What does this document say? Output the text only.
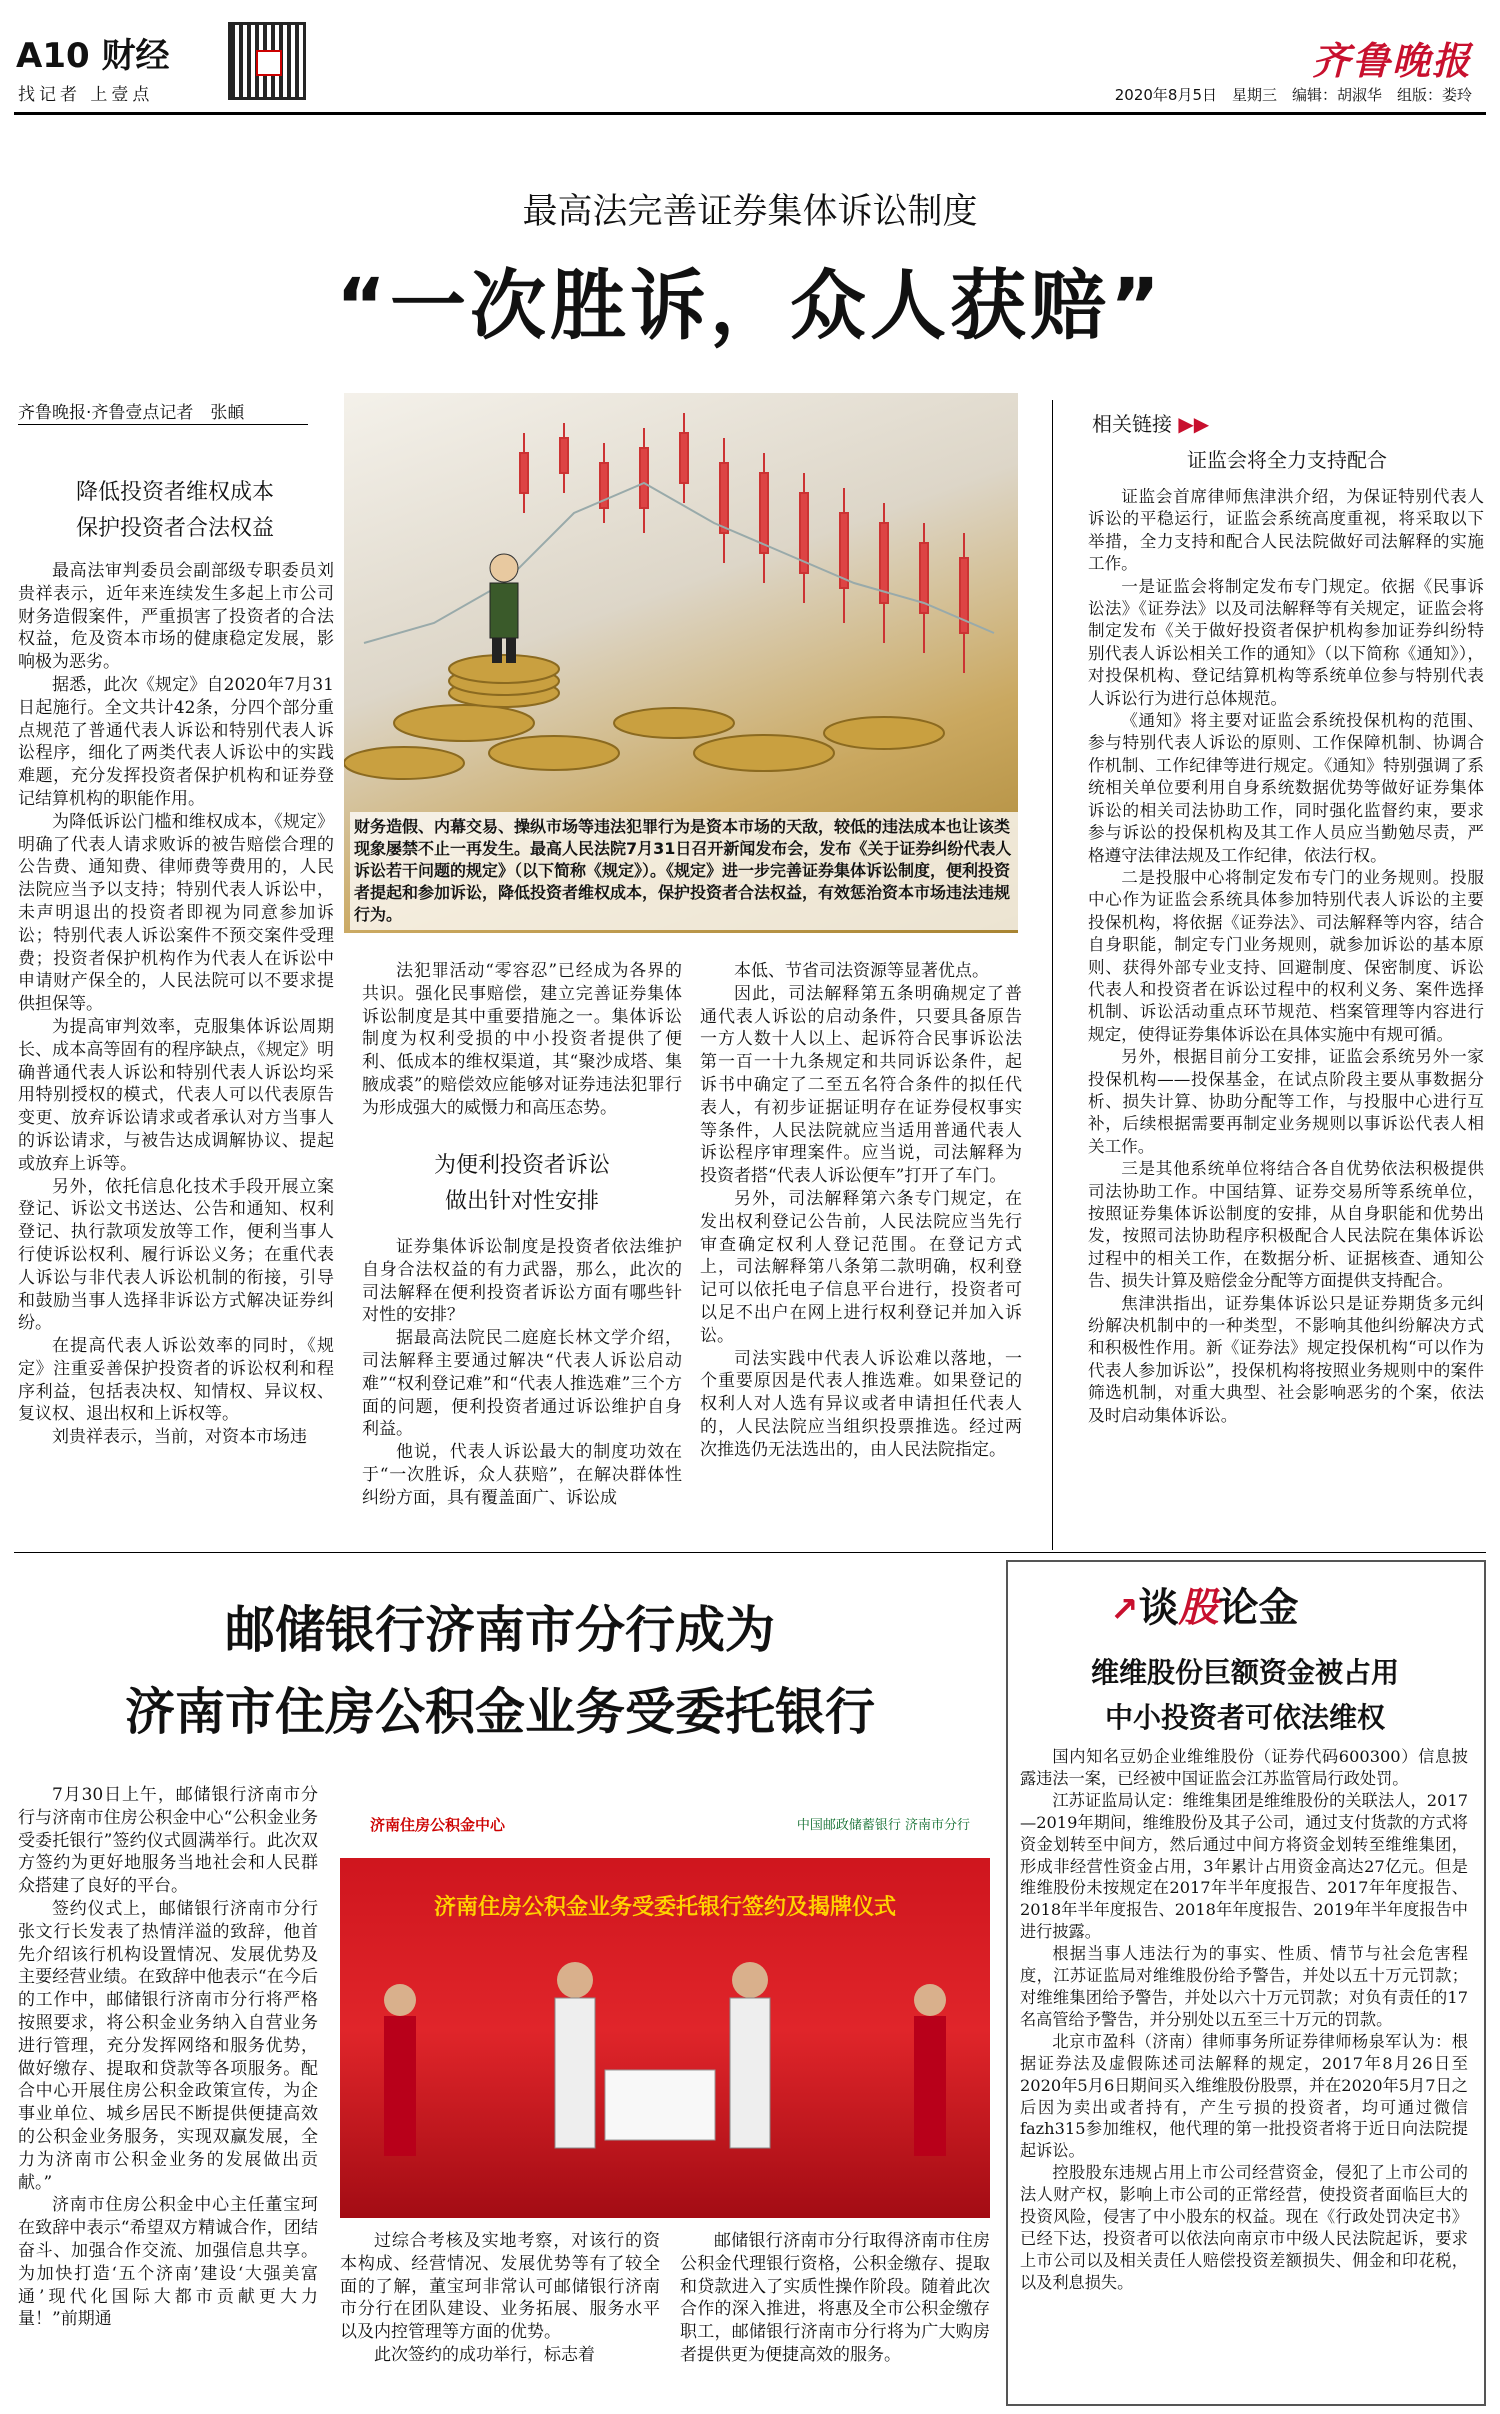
A10 财经
找记者 上壹点
齐鲁晚报
2020年8月5日　星期三　编辑：胡淑华　组版：娄玲
最高法完善证券集体诉讼制度
“一次胜诉，众人获赔”
齐鲁晚报·齐鲁壹点记者　张頔
降低投资者维权成本
保护投资者合法权益

最高法审判委员会副部级专职委员刘贵祥表示，近年来连续发生多起上市公司财务造假案件，严重损害了投资者的合法权益，危及资本市场的健康稳定发展，影响极为恶劣。

据悉，此次《规定》自2020年7月31日起施行。全文共计42条，分四个部分重点规范了普通代表人诉讼和特别代表人诉讼程序，细化了两类代表人诉讼中的实践难题，充分发挥投资者保护机构和证券登记结算机构的职能作用。

为降低诉讼门槛和维权成本，《规定》明确了代表人请求败诉的被告赔偿合理的公告费、通知费、律师费等费用的，人民法院应当予以支持；特别代表人诉讼中，未声明退出的投资者即视为同意参加诉讼；特别代表人诉讼案件不预交案件受理费；投资者保护机构作为代表人在诉讼中申请财产保全的，人民法院可以不要求提供担保等。

为提高审判效率，克服集体诉讼周期长、成本高等固有的程序缺点，《规定》明确普通代表人诉讼和特别代表人诉讼均采用特别授权的模式，代表人可以代表原告变更、放弃诉讼请求或者承认对方当事人的诉讼请求，与被告达成调解协议、提起或放弃上诉等。

另外，依托信息化技术手段开展立案登记、诉讼文书送达、公告和通知、权利登记、执行款项发放等工作，便利当事人行使诉讼权利、履行诉讼义务；在重代表人诉讼与非代表人诉讼机制的衔接，引导和鼓励当事人选择非诉讼方式解决证券纠纷。

在提高代表人诉讼效率的同时，《规定》注重妥善保护投资者的诉讼权利和程序利益，包括表决权、知情权、异议权、复议权、退出权和上诉权等。

刘贵祥表示，当前，对资本市场违

财务造假、内幕交易、操纵市场等违法犯罪行为是资本市场的天敌，较低的违法成本也让该类现象屡禁不止一再发生。最高人民法院7月31日召开新闻发布会，发布《关于证券纠纷代表人诉讼若干问题的规定》（以下简称《规定》）。《规定》进一步完善证券集体诉讼制度，便利投资者提起和参加诉讼，降低投资者维权成本，保护投资者合法权益，有效惩治资本市场违法违规行为。

法犯罪活动“零容忍”已经成为各界的共识。强化民事赔偿，建立完善证券集体诉讼制度是其中重要措施之一。集体诉讼制度为权利受损的中小投资者提供了便利、低成本的维权渠道，其“聚沙成塔、集腋成裘”的赔偿效应能够对证券违法犯罪行为形成强大的威慑力和高压态势。

为便利投资者诉讼
做出针对性安排

证券集体诉讼制度是投资者依法维护自身合法权益的有力武器，那么，此次的司法解释在便利投资者诉讼方面有哪些针对性的安排？

据最高法院民二庭庭长林文学介绍，司法解释主要通过解决“代表人诉讼启动难”“权利登记难”和“代表人推选难”三个方面的问题，便利投资者通过诉讼维护自身利益。

他说，代表人诉讼最大的制度功效在于“一次胜诉，众人获赔”，在解决群体性纠纷方面，具有覆盖面广、诉讼成

本低、节省司法资源等显著优点。

因此，司法解释第五条明确规定了普通代表人诉讼的启动条件，只要具备原告一方人数十人以上、起诉符合民事诉讼法第一百一十九条规定和共同诉讼条件，起诉书中确定了二至五名符合条件的拟任代表人，有初步证据证明存在证券侵权事实等条件，人民法院就应当适用普通代表人诉讼程序审理案件。应当说，司法解释为投资者搭“代表人诉讼便车”打开了车门。

另外，司法解释第六条专门规定，在发出权利登记公告前，人民法院应当先行审查确定权利人登记范围。在登记方式上，司法解释第八条第二款明确，权利登记可以依托电子信息平台进行，投资者可以足不出户在网上进行权利登记并加入诉讼。

司法实践中代表人诉讼难以落地，一个重要原因是代表人推选难。如果登记的权利人对人选有异议或者申请担任代表人的，人民法院应当组织投票推选。经过两次推选仍无法选出的，由人民法院指定。

相关链接 ▶▶
证监会将全力支持配合

证监会首席律师焦津洪介绍，为保证特别代表人诉讼的平稳运行，证监会系统高度重视，将采取以下举措，全力支持和配合人民法院做好司法解释的实施工作。

一是证监会将制定发布专门规定。依据《民事诉讼法》《证券法》以及司法解释等有关规定，证监会将制定发布《关于做好投资者保护机构参加证券纠纷特别代表人诉讼相关工作的通知》（以下简称《通知》），对投保机构、登记结算机构等系统单位参与特别代表人诉讼行为进行总体规范。

《通知》将主要对证监会系统投保机构的范围、参与特别代表人诉讼的原则、工作保障机制、协调合作机制、工作纪律等进行规定。《通知》特别强调了系统相关单位要利用自身系统数据优势等做好证券集体诉讼的相关司法协助工作，同时强化监督约束，要求参与诉讼的投保机构及其工作人员应当勤勉尽责，严格遵守法律法规及工作纪律，依法行权。

二是投服中心将制定发布专门的业务规则。投服中心作为证监会系统具体参加特别代表人诉讼的主要投保机构，将依据《证券法》、司法解释等内容，结合自身职能，制定专门业务规则，就参加诉讼的基本原则、获得外部专业支持、回避制度、保密制度、诉讼代表人和投资者在诉讼过程中的权利义务、案件选择机制、诉讼活动重点环节规范、档案管理等内容进行规定，使得证券集体诉讼在具体实施中有规可循。

另外，根据目前分工安排，证监会系统另外一家投保机构——投保基金，在试点阶段主要从事数据分析、损失计算、协助分配等工作，与投服中心进行互补，后续根据需要再制定业务规则以事诉讼代表人相关工作。

三是其他系统单位将结合各自优势依法积极提供司法协助工作。中国结算、证券交易所等系统单位，按照证券集体诉讼制度的安排，从自身职能和优势出发，按照司法协助程序积极配合人民法院在集体诉讼过程中的相关工作，在数据分析、证据核查、通知公告、损失计算及赔偿金分配等方面提供支持配合。

焦津洪指出，证券集体诉讼只是证券期货多元纠纷解决机制中的一种类型，不影响其他纠纷解决方式和积极性作用。新《证券法》规定投保机构“可以作为代表人参加诉讼”，投保机构将按照业务规则中的案件筛选机制，对重大典型、社会影响恶劣的个案，依法及时启动集体诉讼。

邮储银行济南市分行成为
济南市住房公积金业务受委托银行

7月30日上午，邮储银行济南市分行与济南市住房公积金中心“公积金业务受委托银行”签约仪式圆满举行。此次双方签约为更好地服务当地社会和人民群众搭建了良好的平台。

签约仪式上，邮储银行济南市分行张文行长发表了热情洋溢的致辞，他首先介绍该行机构设置情况、发展优势及主要经营业绩。在致辞中他表示“在今后的工作中，邮储银行济南市分行将严格按照要求，将公积金业务纳入自营业务进行管理，充分发挥网络和服务优势，做好缴存、提取和贷款等各项服务。配合中心开展住房公积金政策宣传，为企事业单位、城乡居民不断提供便捷高效的公积金业务服务，实现双赢发展，全力为济南市公积金业务的发展做出贡献。”

济南市住房公积金中心主任董宝珂在致辞中表示“希望双方精诚合作，团结奋斗、加强合作交流、加强信息共享。为加快打造‘五个济南’建设‘大强美富通’现代化国际大都市贡献更大力量！”前期通

济南住房公积金中心	中国邮政储蓄银行 济南市分行
济南住房公积金业务受委托银行签约及揭牌仪式

过综合考核及实地考察，对该行的资本构成、经营情况、发展优势等有了较全面的了解，董宝珂非常认可邮储银行济南市分行在团队建设、业务拓展、服务水平以及内控管理等方面的优势。

此次签约的成功举行，标志着

邮储银行济南市分行取得济南市住房公积金代理银行资格，公积金缴存、提取和贷款进入了实质性操作阶段。随着此次合作的深入推进，将惠及全市公积金缴存职工，邮储银行济南市分行将为广大购房者提供更为便捷高效的服务。

↗谈股论金
维维股份巨额资金被占用
中小投资者可依法维权

国内知名豆奶企业维维股份（证券代码600300）信息披露违法一案，已经被中国证监会江苏监管局行政处罚。

江苏证监局认定：维维集团是维维股份的关联法人，2017—2019年期间，维维股份及其子公司，通过支付货款的方式将资金划转至中间方，然后通过中间方将资金划转至维维集团，形成非经营性资金占用，3年累计占用资金高达27亿元。但是维维股份未按规定在2017年半年度报告、2017年年度报告、2018年半年度报告、2018年年度报告、2019年半年度报告中进行披露。

根据当事人违法行为的事实、性质、情节与社会危害程度，江苏证监局对维维股份给予警告，并处以五十万元罚款；对维维集团给予警告，并处以六十万元罚款；对负有责任的17名高管给予警告，并分别处以五至三十万元的罚款。

北京市盈科（济南）律师事务所证券律师杨泉军认为：根据证券法及虚假陈述司法解释的规定，2017年8月26日至2020年5月6日期间买入维维股份股票，并在2020年5月7日之后因为卖出或者持有，产生亏损的投资者，均可通过微信fazh315参加维权，他代理的第一批投资者将于近日向法院提起诉讼。

控股股东违规占用上市公司经营资金，侵犯了上市公司的法人财产权，影响上市公司的正常经营，使投资者面临巨大的投资风险，侵害了中小股东的权益。现在《行政处罚决定书》已经下达，投资者可以依法向南京市中级人民法院起诉，要求上市公司以及相关责任人赔偿投资差额损失、佣金和印花税，以及利息损失。
